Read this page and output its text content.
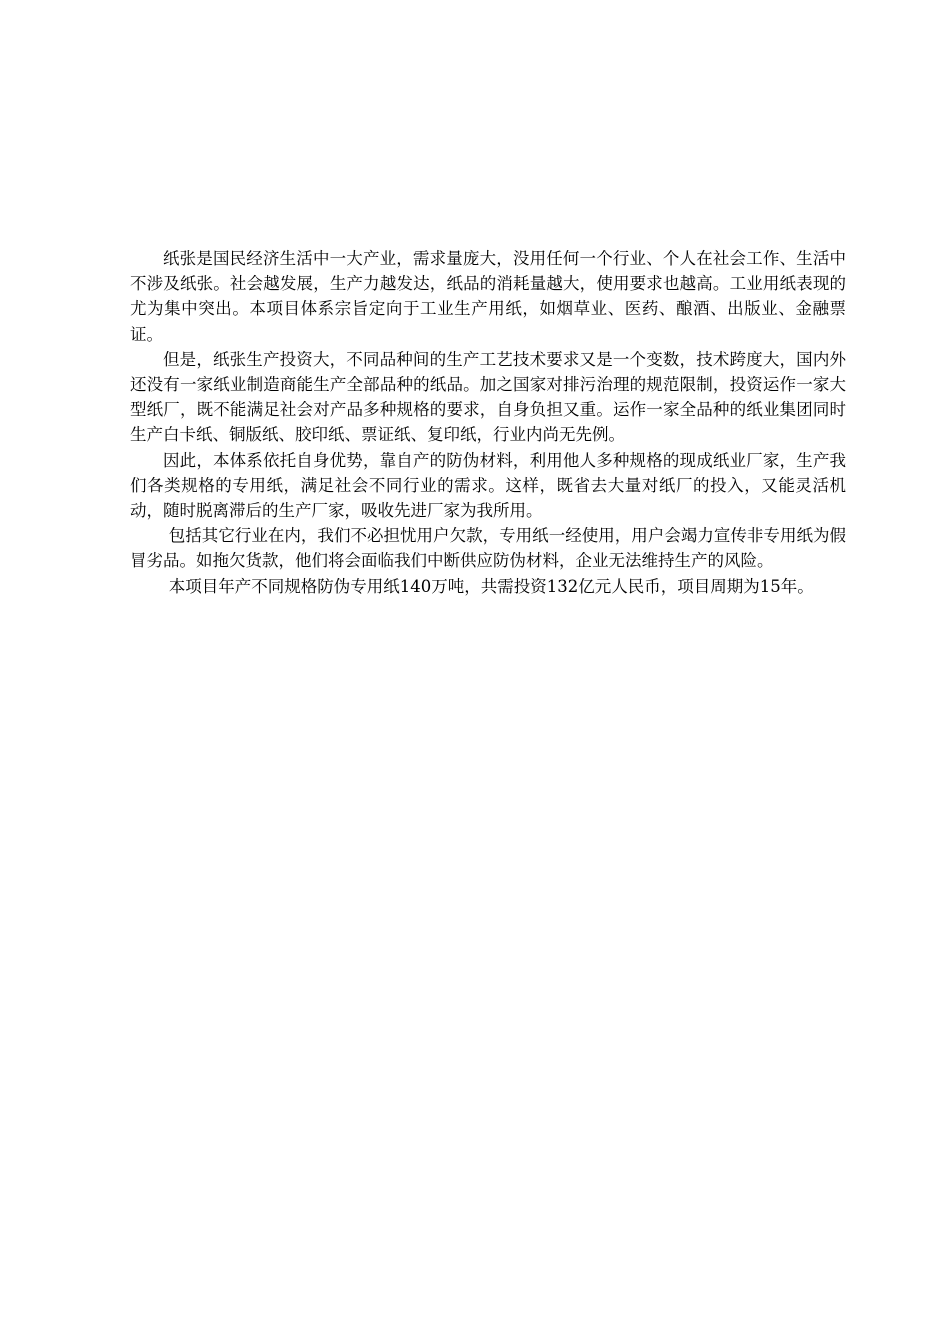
纸张是国民经济生活中一大产业，需求量庞大，没用任何一个行业、个人在社会工作、生活中不涉及纸张。社会越发展，生产力越发达，纸品的消耗量越大，使用要求也越高。工业用纸表现的尤为集中突出。本项目体系宗旨定向于工业生产用纸，如烟草业、医药、酿酒、出版业、金融票证。

但是，纸张生产投资大，不同品种间的生产工艺技术要求又是一个变数，技术跨度大，国内外还没有一家纸业制造商能生产全部品种的纸品。加之国家对排污治理的规范限制，投资运作一家大型纸厂，既不能满足社会对产品多种规格的要求，自身负担又重。运作一家全品种的纸业集团同时生产白卡纸、铜版纸、胶印纸、票证纸、复印纸，行业内尚无先例。

因此，本体系依托自身优势，靠自产的防伪材料，利用他人多种规格的现成纸业厂家，生产我们各类规格的专用纸，满足社会不同行业的需求。这样，既省去大量对纸厂的投入，又能灵活机动，随时脱离滞后的生产厂家，吸收先进厂家为我所用。

包括其它行业在内，我们不必担忧用户欠款，专用纸一经使用，用户会竭力宣传非专用纸为假冒劣品。如拖欠货款，他们将会面临我们中断供应防伪材料，企业无法维持生产的风险。

本项目年产不同规格防伪专用纸140万吨，共需投资132亿元人民币，项目周期为15年。
